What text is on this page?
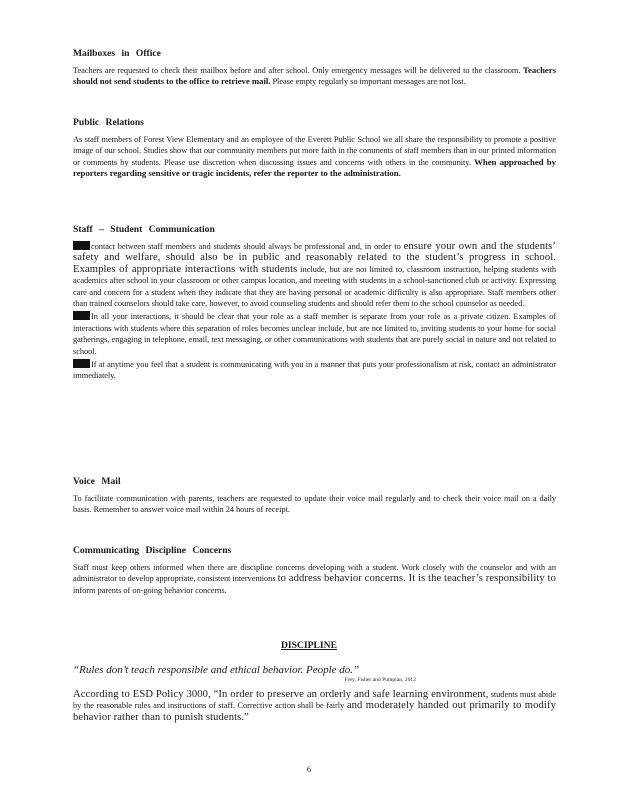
Mailboxes in Office

Teachers are requested to check their mailbox before and after school. Only emergency messages will be delivered to the classroom. Teachers should not send students to the office to retrieve mail. Please empty regularly so important messages are not lost.

Public Relations

As staff members of Forest View Elementary and an employee of the Everett Public School we all share the responsibility to promote a positive image of our school. Studies show that our community members put more faith in the comments of staff members than in our printed information or comments by students. Please use discretion when discussing issues and concerns with others in the community. When approached by reporters regarding sensitive or tragic incidents, refer the reporter to the administration.

Staff – Student Communication

contact between staff members and students should always be professional and, in order to ensure your own and the students’ safety and welfare, should also be in public and reasonably related to the student’s progress in school. Examples of appropriate interactions with students include, but are not limited to, classroom instruction, helping students with academics after school in your classroom or other campus location, and meeting with students in a school-sanctioned club or activity. Expressing care and concern for a student when they indicate that they are having personal or academic difficulty is also appropriate. Staff members other than trained counselors should take care, however, to avoid counseling students and should refer them to the school counselor as needed.

In all your interactions, it should be clear that your role as a staff member is separate from your role as a private citizen. Examples of interactions with students where this separation of roles becomes unclear include, but are not limited to, inviting students to your home for social gatherings, engaging in telephone, email, text messaging, or other communications with students that are purely social in nature and not related to school.

If at anytime you feel that a student is communicating with you in a manner that puts your professionalism at risk, contact an administrator immediately.

Voice Mail

To facilitate communication with parents, teachers are requested to update their voice mail regularly and to check their voice mail on a daily basis. Remember to answer voice mail within 24 hours of receipt.

Communicating Discipline Concerns

Staff must keep others informed when there are discipline concerns developing with a student. Work closely with the counselor and with an administrator to develop appropriate, consistent interventions to address behavior concerns. It is the teacher’s responsibility to inform parents of on-going behavior concerns.

DISCIPLINE
“Rules don’t teach responsible and ethical behavior. People do.”
Frey, Fisher and Pumpian, 2012

According to ESD Policy 3000, “In order to preserve an orderly and safe learning environment, students must abide by the reasonable rules and instructions of staff. Corrective action shall be fairly and moderately handed out primarily to modify behavior rather than to punish students.”

6
